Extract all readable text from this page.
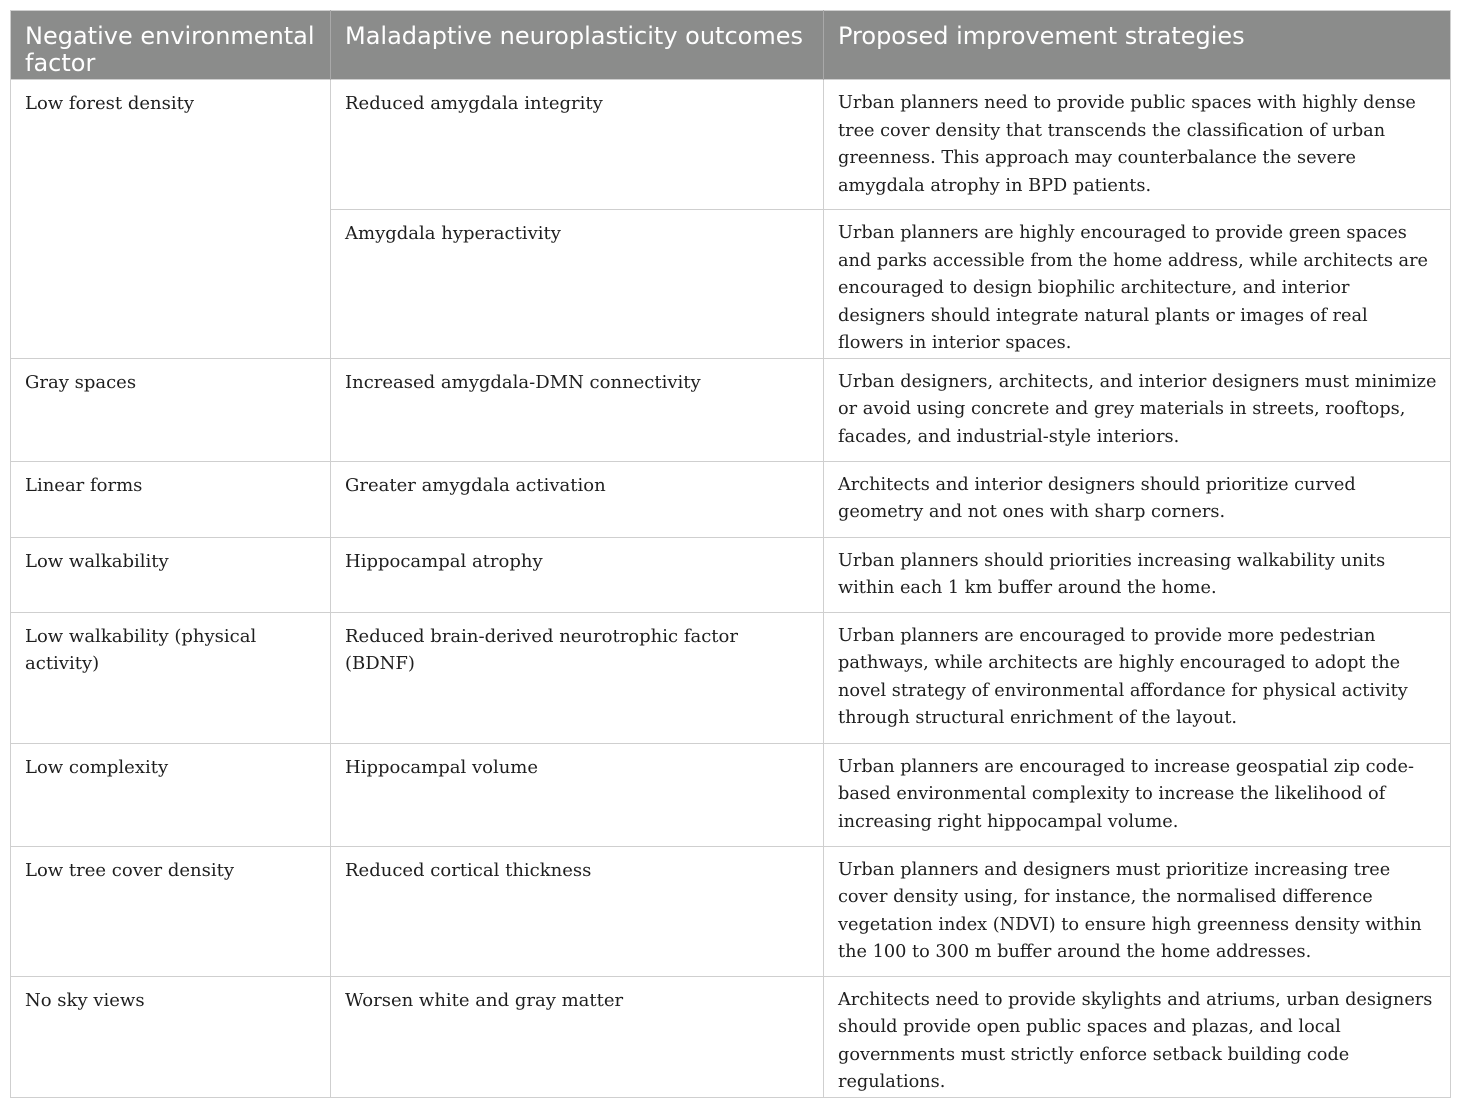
Negative environmental factor	Maladaptive neuroplasticity outcomes	Proposed improvement strategies
Low forest density	Reduced amygdala integrity	Urban planners need to provide public spaces with highly dense tree cover density that transcends the classification of urban greenness. This approach may counterbalance the severe amygdala atrophy in BPD patients.
	Amygdala hyperactivity	Urban planners are highly encouraged to provide green spaces and parks accessible from the home address, while architects are encouraged to design biophilic architecture, and interior designers should integrate natural plants or images of real flowers in interior spaces.
Gray spaces	Increased amygdala-DMN connectivity	Urban designers, architects, and interior designers must minimize or avoid using concrete and grey materials in streets, rooftops, facades, and industrial-style interiors.
Linear forms	Greater amygdala activation	Architects and interior designers should prioritize curved geometry and not ones with sharp corners.
Low walkability	Hippocampal atrophy	Urban planners should priorities increasing walkability units within each 1 km buffer around the home.
Low walkability (physical activity)	Reduced brain-derived neurotrophic factor (BDNF)	Urban planners are encouraged to provide more pedestrian pathways, while architects are highly encouraged to adopt the novel strategy of environmental affordance for physical activity through structural enrichment of the layout.
Low complexity	Hippocampal volume	Urban planners are encouraged to increase geospatial zip code-based environmental complexity to increase the likelihood of increasing right hippocampal volume.
Low tree cover density	Reduced cortical thickness	Urban planners and designers must prioritize increasing tree cover density using, for instance, the normalised difference vegetation index (NDVI) to ensure high greenness density within the 100 to 300 m buffer around the home addresses.
No sky views	Worsen white and gray matter	Architects need to provide skylights and atriums, urban designers should provide open public spaces and plazas, and local governments must strictly enforce setback building code regulations.
